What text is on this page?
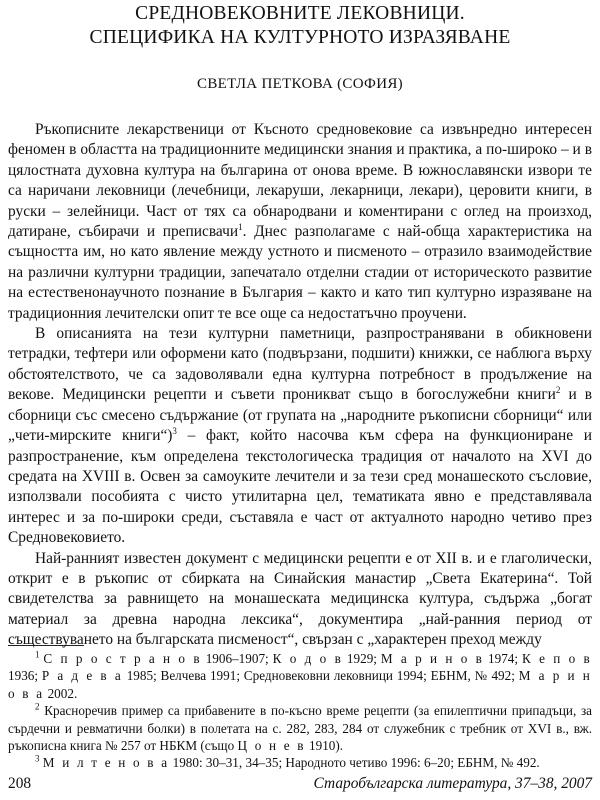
СРЕДНОВЕКОВНИТЕ ЛЕКОВНИЦИ.
СПЕЦИФИКА НА КУЛТУРНОТО ИЗРАЗЯВАНЕ
СВЕТЛА ПЕТКОВА (СОФИЯ)

Ръкописните лекарственици от Късното средновековие са извънредно интересен феномен в областта на традиционните медицински знания и практика, а по-широко – и в цялостната духовна култура на българина от онова време. В южнославянски извори те са наричани лековници (лечебници, лекаруши, лекарници, лекари), церовити книги, в руски – зелейници. Част от тях са обнародвани и коментирани с оглед на произход, датиране, събирачи и преписвачи$^1$. Днес разполагаме с най-обща характеристика на същността им, но като явление между устното и писменото – отразило взаимодействие на различни културни традиции, запечатало отделни стадии от историческото развитие на естественонаучното познание в България – както и като тип културно изразяване на традиционния лечителски опит те все още са недостатъчно проучени.

В описанията на тези културни паметници, разпространявани в обикновени тетрадки, тефтери или оформени като (подвързани, подшити) книжки, се наблюгa върху обстоятелството, че са задоволявали една културна потребност в продължение на векове. Медицински рецепти и съвети проникват също в богослужебни книги$^2$ и в сборници със смесено съдържание (от групата на „народните ръкописни сборници“ или „чети-мирските книги“)$^3$ – факт, който насочва към сфера на функциониране и разпространение, към определена текстологическа традиция от началото на XVI до средата на XVIII в. Освен за самоуките лечители и за тези сред монашеското съсловие, използвали пособията с чисто утилитарна цел, тематиката явно е представлявала интерес и за по-широки среди, съставяла е част от актуалното народно четиво през Средновековието.

Най-ранният известен документ с медицински рецепти е от XII в. и е глаголически, открит е в ръкопис от сбирката на Синайския манастир „Света Екатерина“. Той свидетелства за равнището на монашеската медицинска култура, съдържа „богат материал за древна народна лексика“, документира „най-ранния период от съществуването на българската писменост“, свързан с „характерен преход между

$^1$ С п р о с т р а н о в 1906–1907; К о д о в 1929; М а р и н о в 1974; К е п о в 1936; Р а д е в а 1985; Велчева 1991; Средновековни лековници 1994; ЕБНМ, № 492; М а р и н о в а 2002.

$^2$ Красноречив пример са прибавените в по-късно време рецепти (за епилептични припадъци, за сърдечни и ревматични болки) в полетата на с. 282, 283, 284 от служебник с требник от XVI в., вж. ръкописна книга № 257 от НБКМ (също Ц о н е в 1910).

$^3$ М и л т е н о в а 1980: 30–31, 34–35; Народното четиво 1996: 6–20; ЕБНМ, № 492.

208	Старобългарска литература, 37–38, 2007
